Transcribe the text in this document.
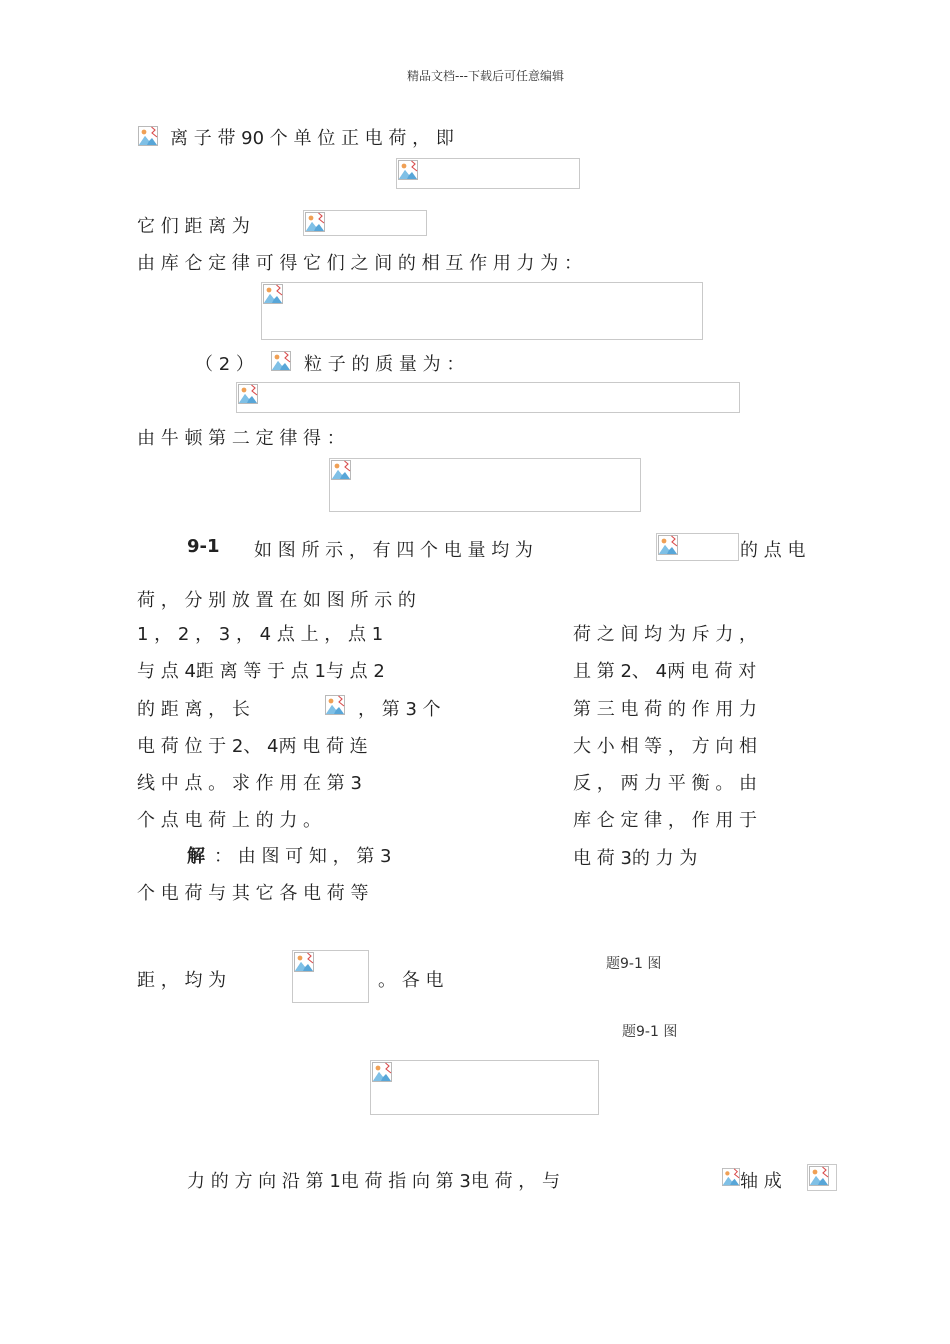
精品文档---下载后可任意编辑
离 子 带 90 个 单 位 正 电 荷 ， 即
它 们 距 离 为
由 库 仑 定 律 可 得 它 们 之 间 的 相 互 作 用 力 为 ：
（ 2 ）	粒 子 的 质 量 为 ：
由 牛 顿 第 二 定 律 得 ：
9-1 如 图 所 示 ， 有 四 个 电 量 均 为	的 点 电
荷 ， 分 别 放 置 在 如 图 所 示 的
1 ， 2 ， 3 ， 4 点 上 ， 点 1
与 点 4距 离 等 于 点 1与 点 2
的 距 离 ， 长	， 第 3 个
电 荷 位 于 2、 4两 电 荷 连
线 中 点 。 求 作 用 在 第 3
个 点 电 荷 上 的 力 。
解 ： 由 图 可 知 ， 第 3
个 电 荷 与 其 它 各 电 荷 等
荷 之 间 均 为 斥 力 ，
且 第 2、 4两 电 荷 对
第 三 电 荷 的 作 用 力
大 小 相 等 ， 方 向 相
反 ， 两 力 平 衡 。 由
库 仑 定 律 ， 作 用 于
电 荷 3的 力 为
距 ， 均 为	。 各 电
题9-1 图
题9-1 图
力 的 方 向 沿 第 1电 荷 指 向 第 3电 荷 ， 与	轴 成
